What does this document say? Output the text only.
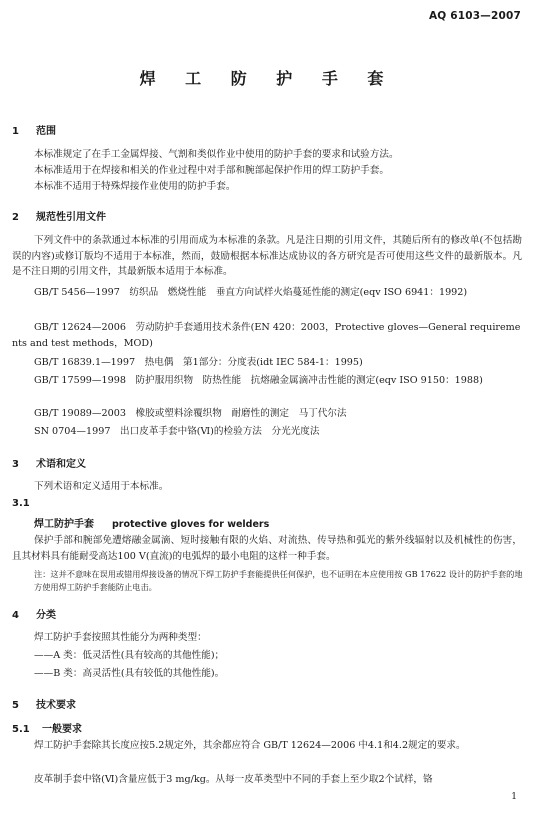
AQ 6103—2007
焊 工 防 护 手 套
1 范围
本标准规定了在手工金属焊接、气割和类似作业中使用的防护手套的要求和试验方法。
本标准适用于在焊接和相关的作业过程中对手部和腕部起保护作用的焊工防护手套。
本标准不适用于特殊焊接作业使用的防护手套。
2 规范性引用文件
下列文件中的条款通过本标准的引用而成为本标准的条款。凡是注日期的引用文件，其随后所有的修改单(不包括勘误的内容)或修订版均不适用于本标准，然而，鼓励根据本标准达成协议的各方研究是否可使用这些文件的最新版本。凡是不注日期的引用文件，其最新版本适用于本标准。
GB/T 5456—1997　纺织品　燃烧性能　垂直方向试样火焰蔓延性能的测定(eqv ISO 6941：1992)
GB/T 12624—2006　劳动防护手套通用技术条件(EN 420：2003，Protective gloves—General requirements and test methods，MOD)
GB/T 16839.1—1997　热电偶　第1部分：分度表(idt IEC 584-1：1995)
GB/T 17599—1998　防护服用织物　防热性能　抗熔融金属滴冲击性能的测定(eqv ISO 9150：1988)
GB/T 19089—2003　橡胶或塑料涂覆织物　耐磨性的测定　马丁代尔法
SN 0704—1997　出口皮革手套中铬(Ⅵ)的检验方法　分光光度法
3 术语和定义
下列术语和定义适用于本标准。
3.1
焊工防护手套 protective gloves for welders
保护手部和腕部免遭熔融金属滴、短时接触有限的火焰、对流热、传导热和弧光的紫外线辐射以及机械性的伤害，且其材料具有能耐受高达100 V(直流)的电弧焊的最小电阻的这样一种手套。
注：这并不意味在误用或错用焊接设备的情况下焊工防护手套能提供任何保护，也不证明在本应使用按 GB 17622 设计的防护手套的地方使用焊工防护手套能防止电击。
4 分类
焊工防护手套按照其性能分为两种类型：
——A 类：低灵活性(具有较高的其他性能)；
——B 类：高灵活性(具有较低的其他性能)。
5 技术要求
5.1 一般要求
焊工防护手套除其长度应按5.2规定外，其余都应符合 GB/T 12624—2006 中4.1和4.2规定的要求。
皮革制手套中铬(Ⅵ)含量应低于3 mg/kg。从每一皮革类型中不同的手套上至少取2个试样，铬
1
